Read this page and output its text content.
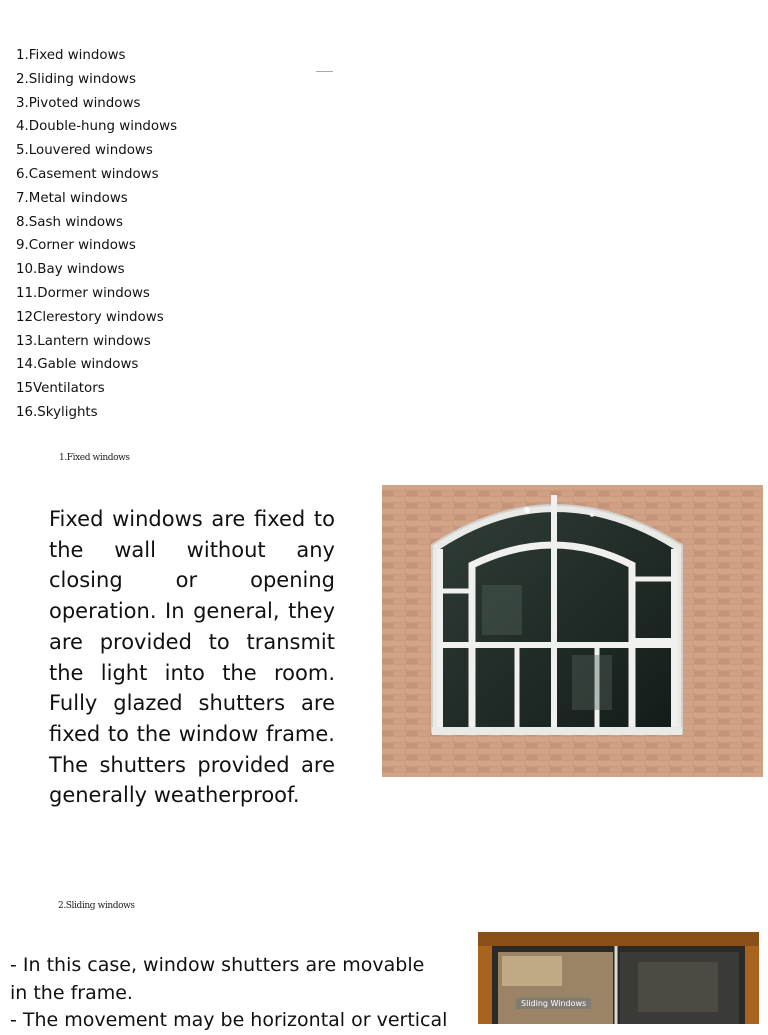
1.Fixed windows
2.Sliding windows
3.Pivoted windows
4.Double-hung windows
5.Louvered windows
6.Casement windows
7.Metal windows
8.Sash windows
9.Corner windows
10.Bay windows
11.Dormer windows
12Clerestory windows
13.Lantern windows
14.Gable windows
15Ventilators
16.Skylights
1.Fixed windows

Fixed windows are fixed to the wall without any closing or opening operation. In general, they are provided to transmit the light into the room. Fully glazed shutters are fixed to the window frame. The shutters provided are generally weatherproof.

2.Sliding windows
- In this case, window shutters are movable
in the frame.
- The movement may be horizontal or vertical
Sliding Windows
